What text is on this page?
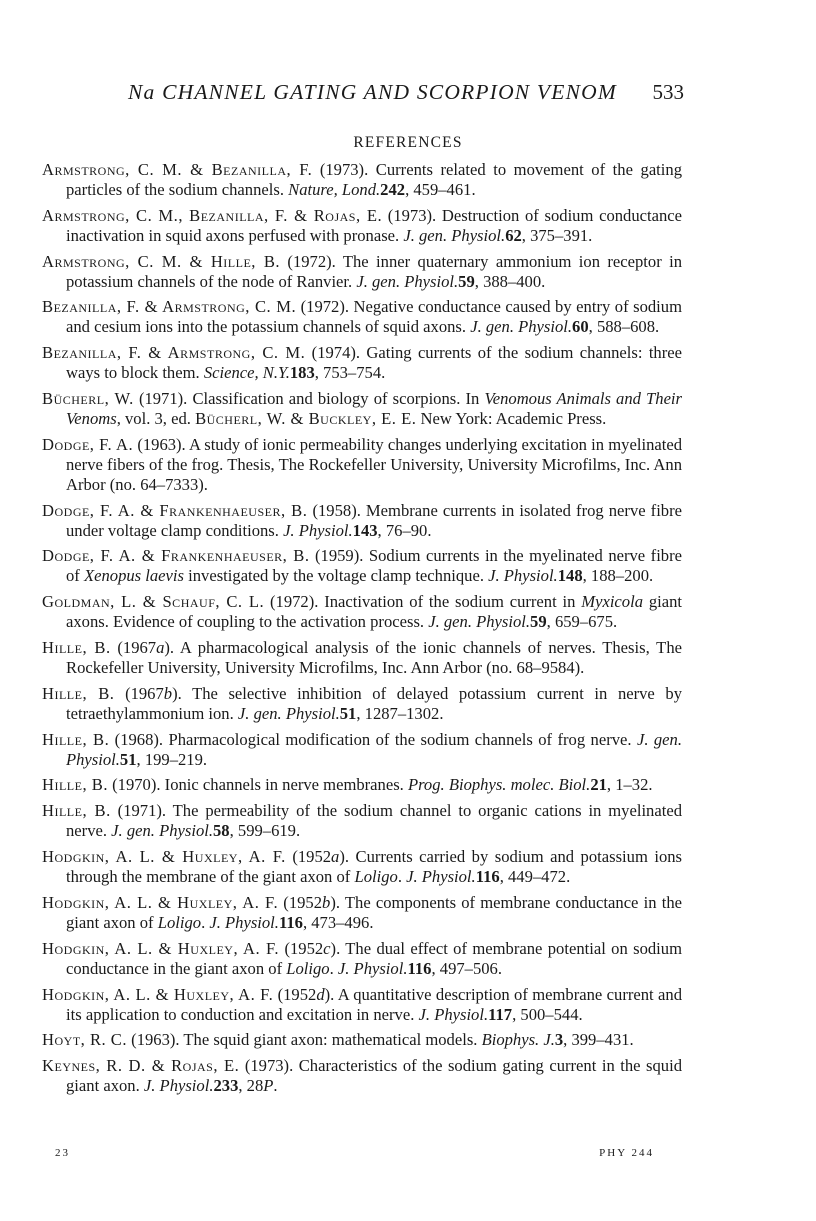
Na CHANNEL GATING AND SCORPION VENOM 533
REFERENCES

Armstrong, C. M. & Bezanilla, F. (1973). Currents related to movement of the gating particles of the sodium channels. Nature, Lond.242, 459–461.

Armstrong, C. M., Bezanilla, F. & Rojas, E. (1973). Destruction of sodium conductance inactivation in squid axons perfused with pronase. J. gen. Physiol.62, 375–391.

Armstrong, C. M. & Hille, B. (1972). The inner quaternary ammonium ion receptor in potassium channels of the node of Ranvier. J. gen. Physiol.59, 388–400.

Bezanilla, F. & Armstrong, C. M. (1972). Negative conductance caused by entry of sodium and cesium ions into the potassium channels of squid axons. J. gen. Physiol.60, 588–608.

Bezanilla, F. & Armstrong, C. M. (1974). Gating currents of the sodium channels: three ways to block them. Science, N.Y.183, 753–754.

Bücherl, W. (1971). Classification and biology of scorpions. In Venomous Animals and Their Venoms, vol. 3, ed. Bücherl, W. & Buckley, E. E. New York: Academic Press.

Dodge, F. A. (1963). A study of ionic permeability changes underlying excitation in myelinated nerve fibers of the frog. Thesis, The Rockefeller University, University Microfilms, Inc. Ann Arbor (no. 64–7333).

Dodge, F. A. & Frankenhaeuser, B. (1958). Membrane currents in isolated frog nerve fibre under voltage clamp conditions. J. Physiol.143, 76–90.

Dodge, F. A. & Frankenhaeuser, B. (1959). Sodium currents in the myelinated nerve fibre of Xenopus laevis investigated by the voltage clamp technique. J. Physiol.148, 188–200.

Goldman, L. & Schauf, C. L. (1972). Inactivation of the sodium current in Myxicola giant axons. Evidence of coupling to the activation process. J. gen. Physiol.59, 659–675.

Hille, B. (1967a). A pharmacological analysis of the ionic channels of nerves. Thesis, The Rockefeller University, University Microfilms, Inc. Ann Arbor (no. 68–9584).

Hille, B. (1967b). The selective inhibition of delayed potassium current in nerve by tetraethylammonium ion. J. gen. Physiol.51, 1287–1302.

Hille, B. (1968). Pharmacological modification of the sodium channels of frog nerve. J. gen. Physiol.51, 199–219.

Hille, B. (1970). Ionic channels in nerve membranes. Prog. Biophys. molec. Biol.21, 1–32.

Hille, B. (1971). The permeability of the sodium channel to organic cations in myelinated nerve. J. gen. Physiol.58, 599–619.

Hodgkin, A. L. & Huxley, A. F. (1952a). Currents carried by sodium and potassium ions through the membrane of the giant axon of Loligo. J. Physiol.116, 449–472.

Hodgkin, A. L. & Huxley, A. F. (1952b). The components of membrane conductance in the giant axon of Loligo. J. Physiol.116, 473–496.

Hodgkin, A. L. & Huxley, A. F. (1952c). The dual effect of membrane potential on sodium conductance in the giant axon of Loligo. J. Physiol.116, 497–506.

Hodgkin, A. L. & Huxley, A. F. (1952d). A quantitative description of membrane current and its application to conduction and excitation in nerve. J. Physiol.117, 500–544.

Hoyt, R. C. (1963). The squid giant axon: mathematical models. Biophys. J.3, 399–431.

Keynes, R. D. & Rojas, E. (1973). Characteristics of the sodium gating current in the squid giant axon. J. Physiol.233, 28P.

23	PHY 244
